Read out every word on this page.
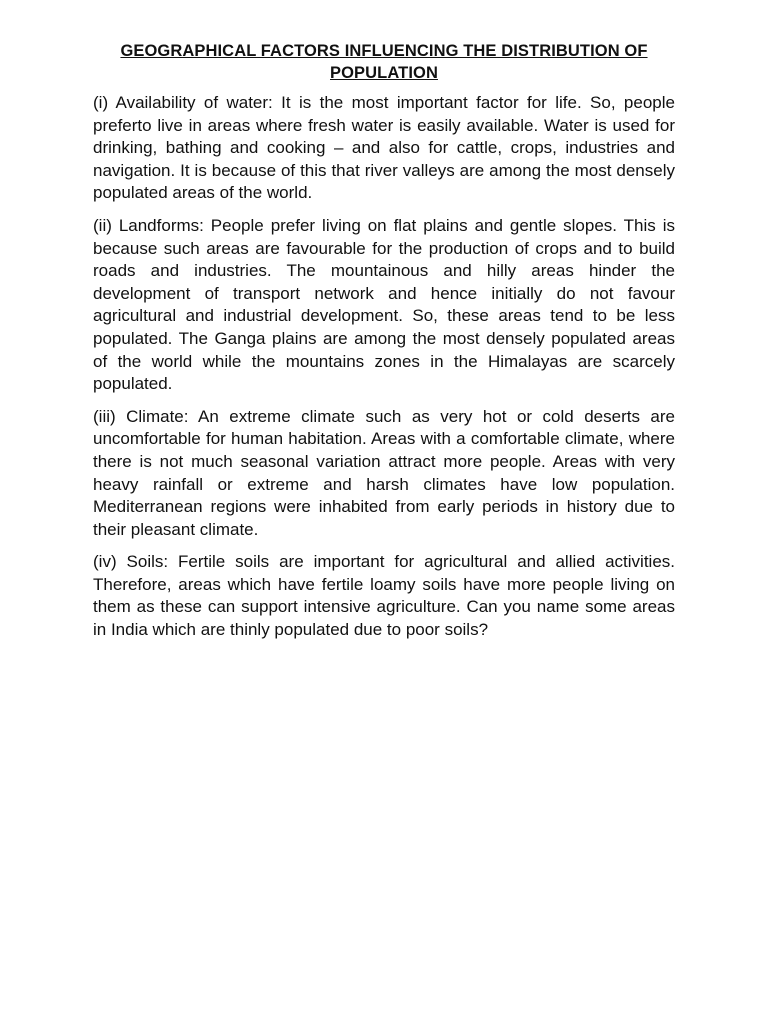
GEOGRAPHICAL FACTORS INFLUENCING THE DISTRIBUTION OF POPULATION

(i) Availability of water: It is the most important factor for life. So, people preferto live in areas where fresh water is easily available. Water is used for drinking, bathing and cooking – and also for cattle, crops, industries and navigation. It is because of this that river valleys are among the most densely populated areas of the world.

(ii) Landforms: People prefer living on flat plains and gentle slopes. This is because such areas are favourable for the production of crops and to build roads and industries. The mountainous and hilly areas hinder the development of transport network and hence initially do not favour agricultural and industrial development. So, these areas tend to be less populated. The Ganga plains are among the most densely populated areas of the world while the mountains zones in the Himalayas are scarcely populated.

(iii) Climate: An extreme climate such as very hot or cold deserts are uncomfortable for human habitation. Areas with a comfortable climate, where there is not much seasonal variation attract more people. Areas with very heavy rainfall or extreme and harsh climates have low population. Mediterranean regions were inhabited from early periods in history due to their pleasant climate.

(iv) Soils: Fertile soils are important for agricultural and allied activities. Therefore, areas which have fertile loamy soils have more people living on them as these can support intensive agriculture. Can you name some areas in India which are thinly populated due to poor soils?
